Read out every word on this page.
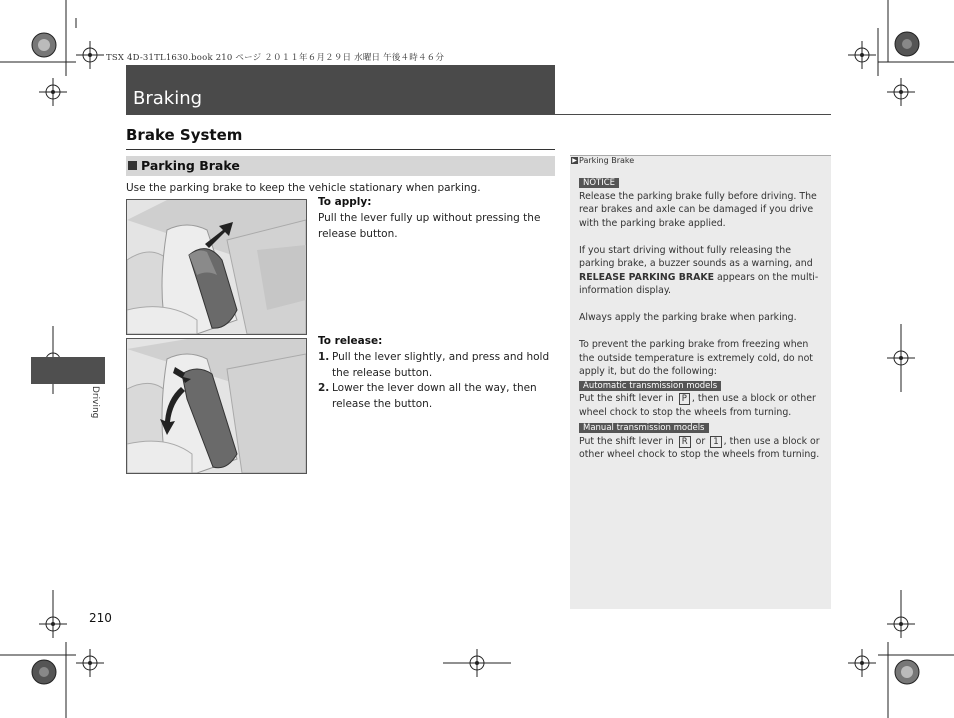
TSX 4D-31TL1630.book 210 ページ ２０１１年６月２９日 水曜日 午後４時４６分
Braking
Brake System
Parking Brake
Use the parking brake to keep the vehicle stationary when parking.
To apply:
Pull the lever fully up without pressing the release button.
To release:
1. Pull the lever slightly, and press and hold the release button.
2. Lower the lever down all the way, then release the button.
▶ Parking Brake
NOTICE

Release the parking brake fully before driving. The rear brakes and axle can be damaged if you drive with the parking brake applied.

If you start driving without fully releasing the parking brake, a buzzer sounds as a warning, and RELEASE PARKING BRAKE appears on the multi-information display.

Always apply the parking brake when parking.

To prevent the parking brake from freezing when the outside temperature is extremely cold, do not apply it, but do the following:

Automatic transmission models

Put the shift lever in P , then use a block or other wheel chock to stop the wheels from turning.

Manual transmission models

Put the shift lever in R or 1 , then use a block or other wheel chock to stop the wheels from turning.

Driving
210
